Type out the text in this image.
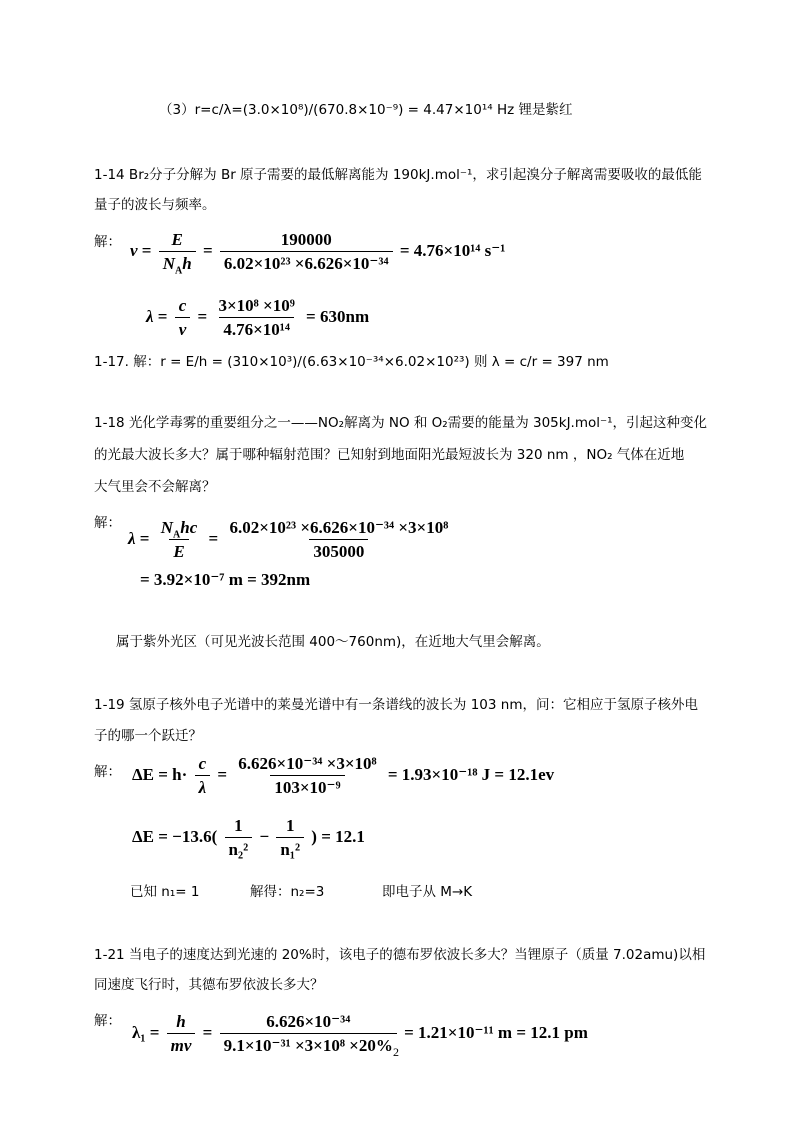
（3）r=c/λ=(3.0×10⁸)/(670.8×10⁻⁹) = 4.47×10¹⁴ Hz 锂是紫红
1-14 Br₂分子分解为 Br 原子需要的最低解离能为 190kJ.mol⁻¹，求引起溴分子解离需要吸收的最低能
量子的波长与频率。
解： $\nu = \frac{E}{N_Ah} = \frac{190000}{\text{6.02×10²³ ×6.626×10⁻³⁴}} = 4.76\times 10^{14}$ s⁻¹
$\lambda = \frac{c}{\nu} = \frac{\text{3×10⁸ ×10⁹}}{\text{4.76×10¹⁴}} = 630nm$
1-17. 解：r = E/h = (310×10³)/(6.63×10⁻³⁴×6.02×10²³) 则 λ = c/r = 397 nm
1-18 光化学毒雾的重要组分之一——NO₂解离为 NO 和 O₂需要的能量为 305kJ.mol⁻¹，引起这种变化
的光最大波长多大？属于哪种辐射范围？已知射到地面阳光最短波长为 320 nm ，NO₂ 气体在近地
大气里会不会解离？
解：
$\lambda = \frac{N_Ahc}{E} = \frac{\text{6.02×10²³ ×6.626×10⁻³⁴ ×3×10⁸}}{305000}$
= 3.92×10⁻⁷ m = 392nm
属于紫外光区（可见光波长范围 400～760nm)，在近地大气里会解离。
1-19 氢原子核外电子光谱中的莱曼光谱中有一条谱线的波长为 103 nm，问：它相应于氢原子核外电
子的哪一个跃迁？
解： $\Delta E = h\cdot \frac{c}{\lambda} = \frac{\text{6.626×10⁻³⁴ ×3×10⁸}}{\text{103×10⁻⁹}} = 1.93\times 10^{-18}$ J = 12.1ev
$\Delta E = -13.6( \frac{1}{\text{n₂²}} - \frac{1}{\text{n₁²}}$ ) = 12.1
已知 n₁= 1	解得：n₂=3	即电子从 M→K
1-21 当电子的速度达到光速的 20%时，该电子的德布罗依波长多大？当锂原子（质量 7.02amu)以相
同速度飞行时，其德布罗依波长多大？
解：
$\lambda_1 = \frac{h}{mv} = \frac{\text{6.626×10⁻³⁴}}{\text{9.1×10⁻³¹ ×3×10⁸ ×20\%}} = 1.21\times 10^{-11}$ m = 12.1 pm
2
